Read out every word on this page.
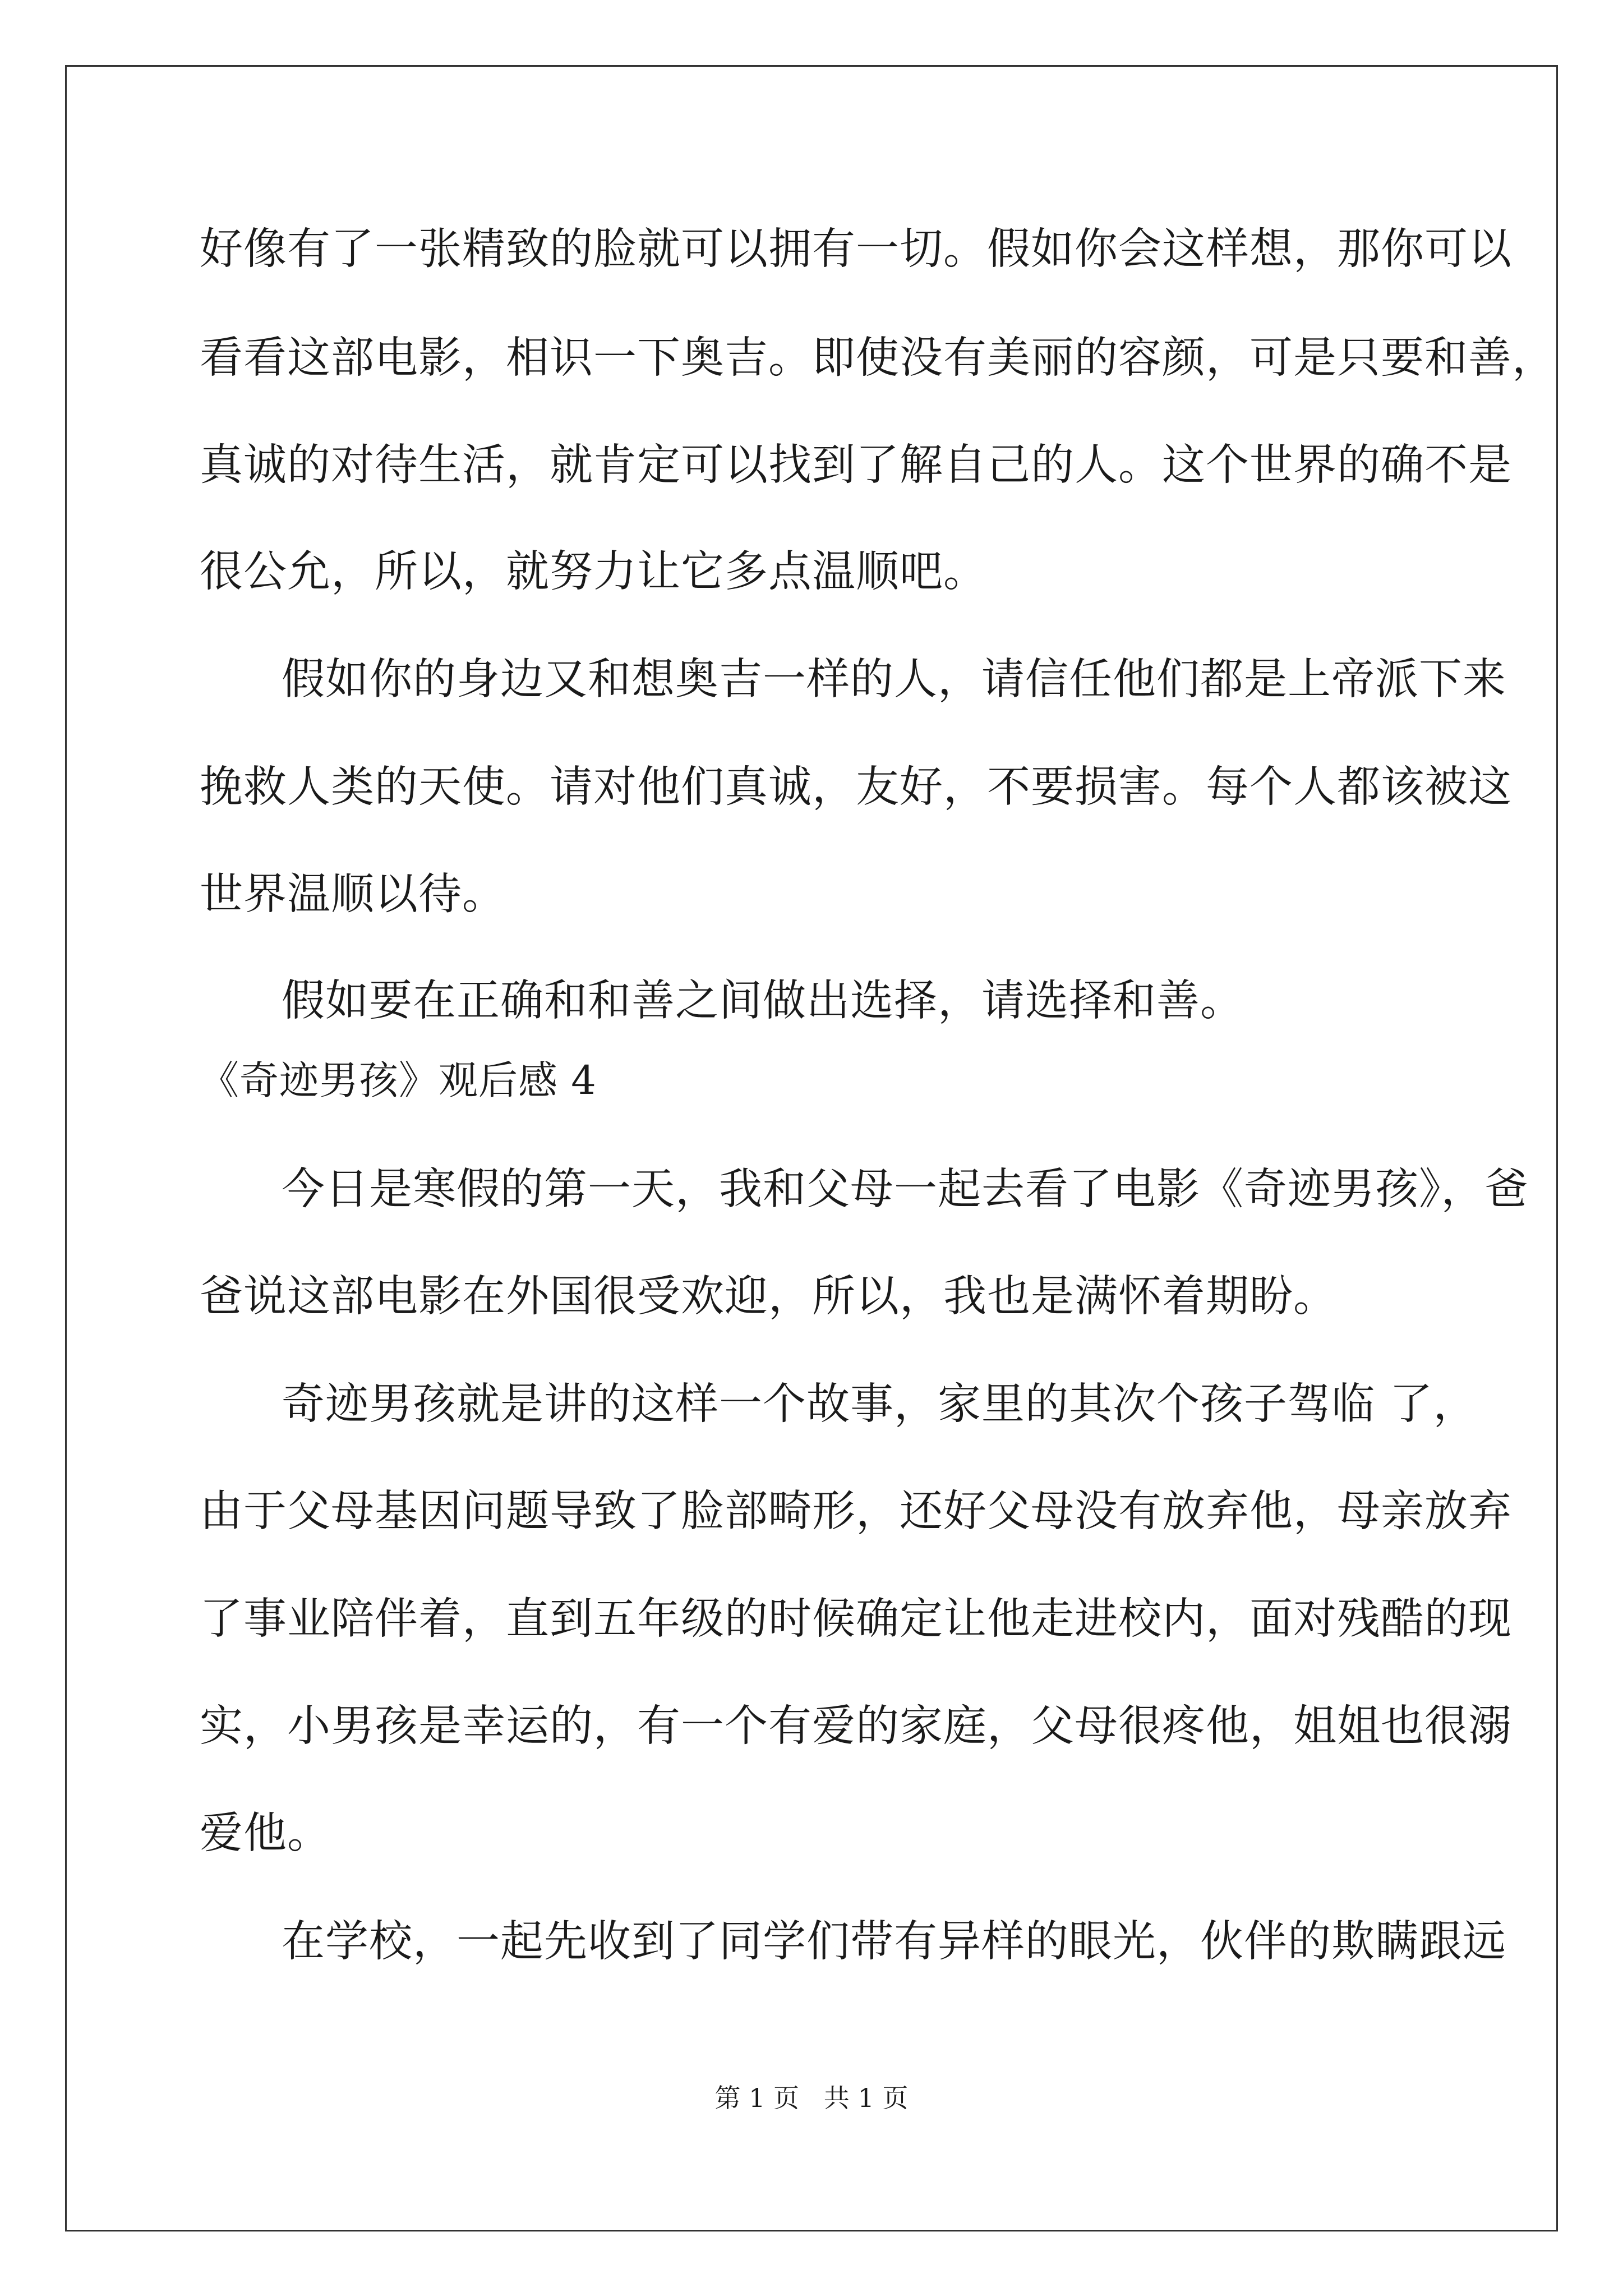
好像有了一张精致的脸就可以拥有一切。假如你会这样想，那你可以
看看这部电影，相识一下奥吉。即使没有美丽的容颜，可是只要和善，
真诚的对待生活，就肯定可以找到了解自己的人。这个世界的确不是
很公允，所以，就努力让它多点温顺吧。
假如你的身边又和想奥吉一样的人，请信任他们都是上帝派下来
挽救人类的天使。请对他们真诚，友好，不要损害。每个人都该被这
世界温顺以待。
假如要在正确和和善之间做出选择，请选择和善。
《奇迹男孩》观后感 4
今日是寒假的第一天，我和父母一起去看了电影《奇迹男孩》，爸
爸说这部电影在外国很受欢迎，所以，我也是满怀着期盼。
奇迹男孩就是讲的这样一个故事，家里的其次个孩子驾临 了，
由于父母基因问题导致了脸部畸形，还好父母没有放弃他，母亲放弃
了事业陪伴着，直到五年级的时候确定让他走进校内，面对残酷的现
实，小男孩是幸运的，有一个有爱的家庭，父母很疼他，姐姐也很溺
爱他。
在学校，一起先收到了同学们带有异样的眼光，伙伴的欺瞒跟远
第 1 页   共 1 页
